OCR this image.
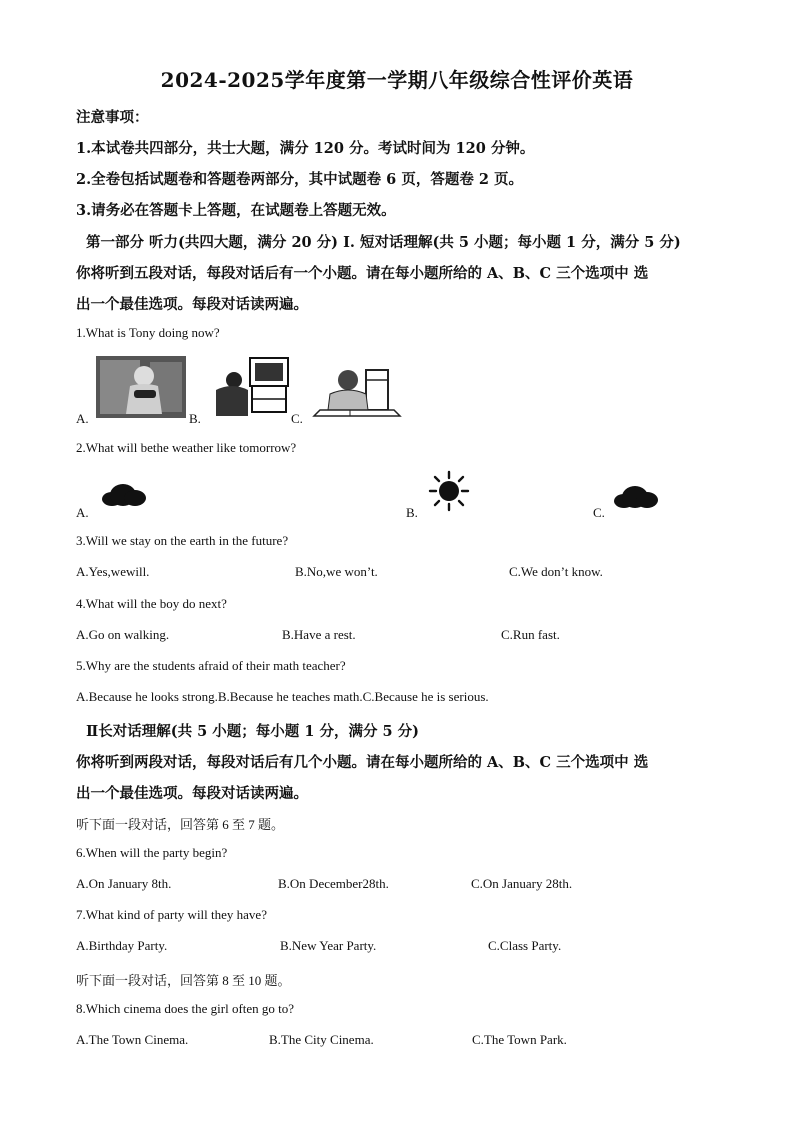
2024-2025学年度第一学期八年级综合性评价英语
注意事项：
1.本试卷共四部分，共士大题，满分 120 分。考试时间为 120 分钟。
2.全卷包括试题卷和答题卷两部分，其中试题卷 6 页，答题卷 2 页。
3.请务必在答题卡上答题，在试题卷上答题无效。
第一部分 听力(共四大题，满分 20 分) I. 短对话理解(共 5 小题；每小题 1 分，满分 5 分)
你将听到五段对话，每段对话后有一个小题。请在每小题所给的 A、B、C 三个选项中 选
出一个最佳选项。每段对话读两遍。
1.What is Tony doing now?
A.	B.	C.
2.What will bethe weather like tomorrow?
A.	B.	C.
3.Will we stay on the earth in the future?
A.Yes,wewill.	B.No,we won’t.	C.We don’t know.
4.What will the boy do next?
A.Go on walking.	B.Have a rest.	C.Run fast.
5.Why are the students afraid of their math teacher?
A.Because he looks strong.B.Because he teaches math.C.Because he is serious.
Ⅱ长对话理解(共 5 小题；每小题 1 分，满分 5 分)
你将听到两段对话，每段对话后有几个小题。请在每小题所给的 A、B、C 三个选项中 选
出一个最佳选项。每段对话读两遍。
听下面一段对话，回答第 6 至 7 题。
6.When will the party begin?
A.On January 8th.	B.On December28th.	C.On January 28th.
7.What kind of party will they have?
A.Birthday Party.	B.New Year Party.	C.Class Party.
听下面一段对话，回答第 8 至 10 题。
8.Which cinema does the girl often go to?
A.The Town Cinema.	B.The City Cinema.	C.The Town Park.
